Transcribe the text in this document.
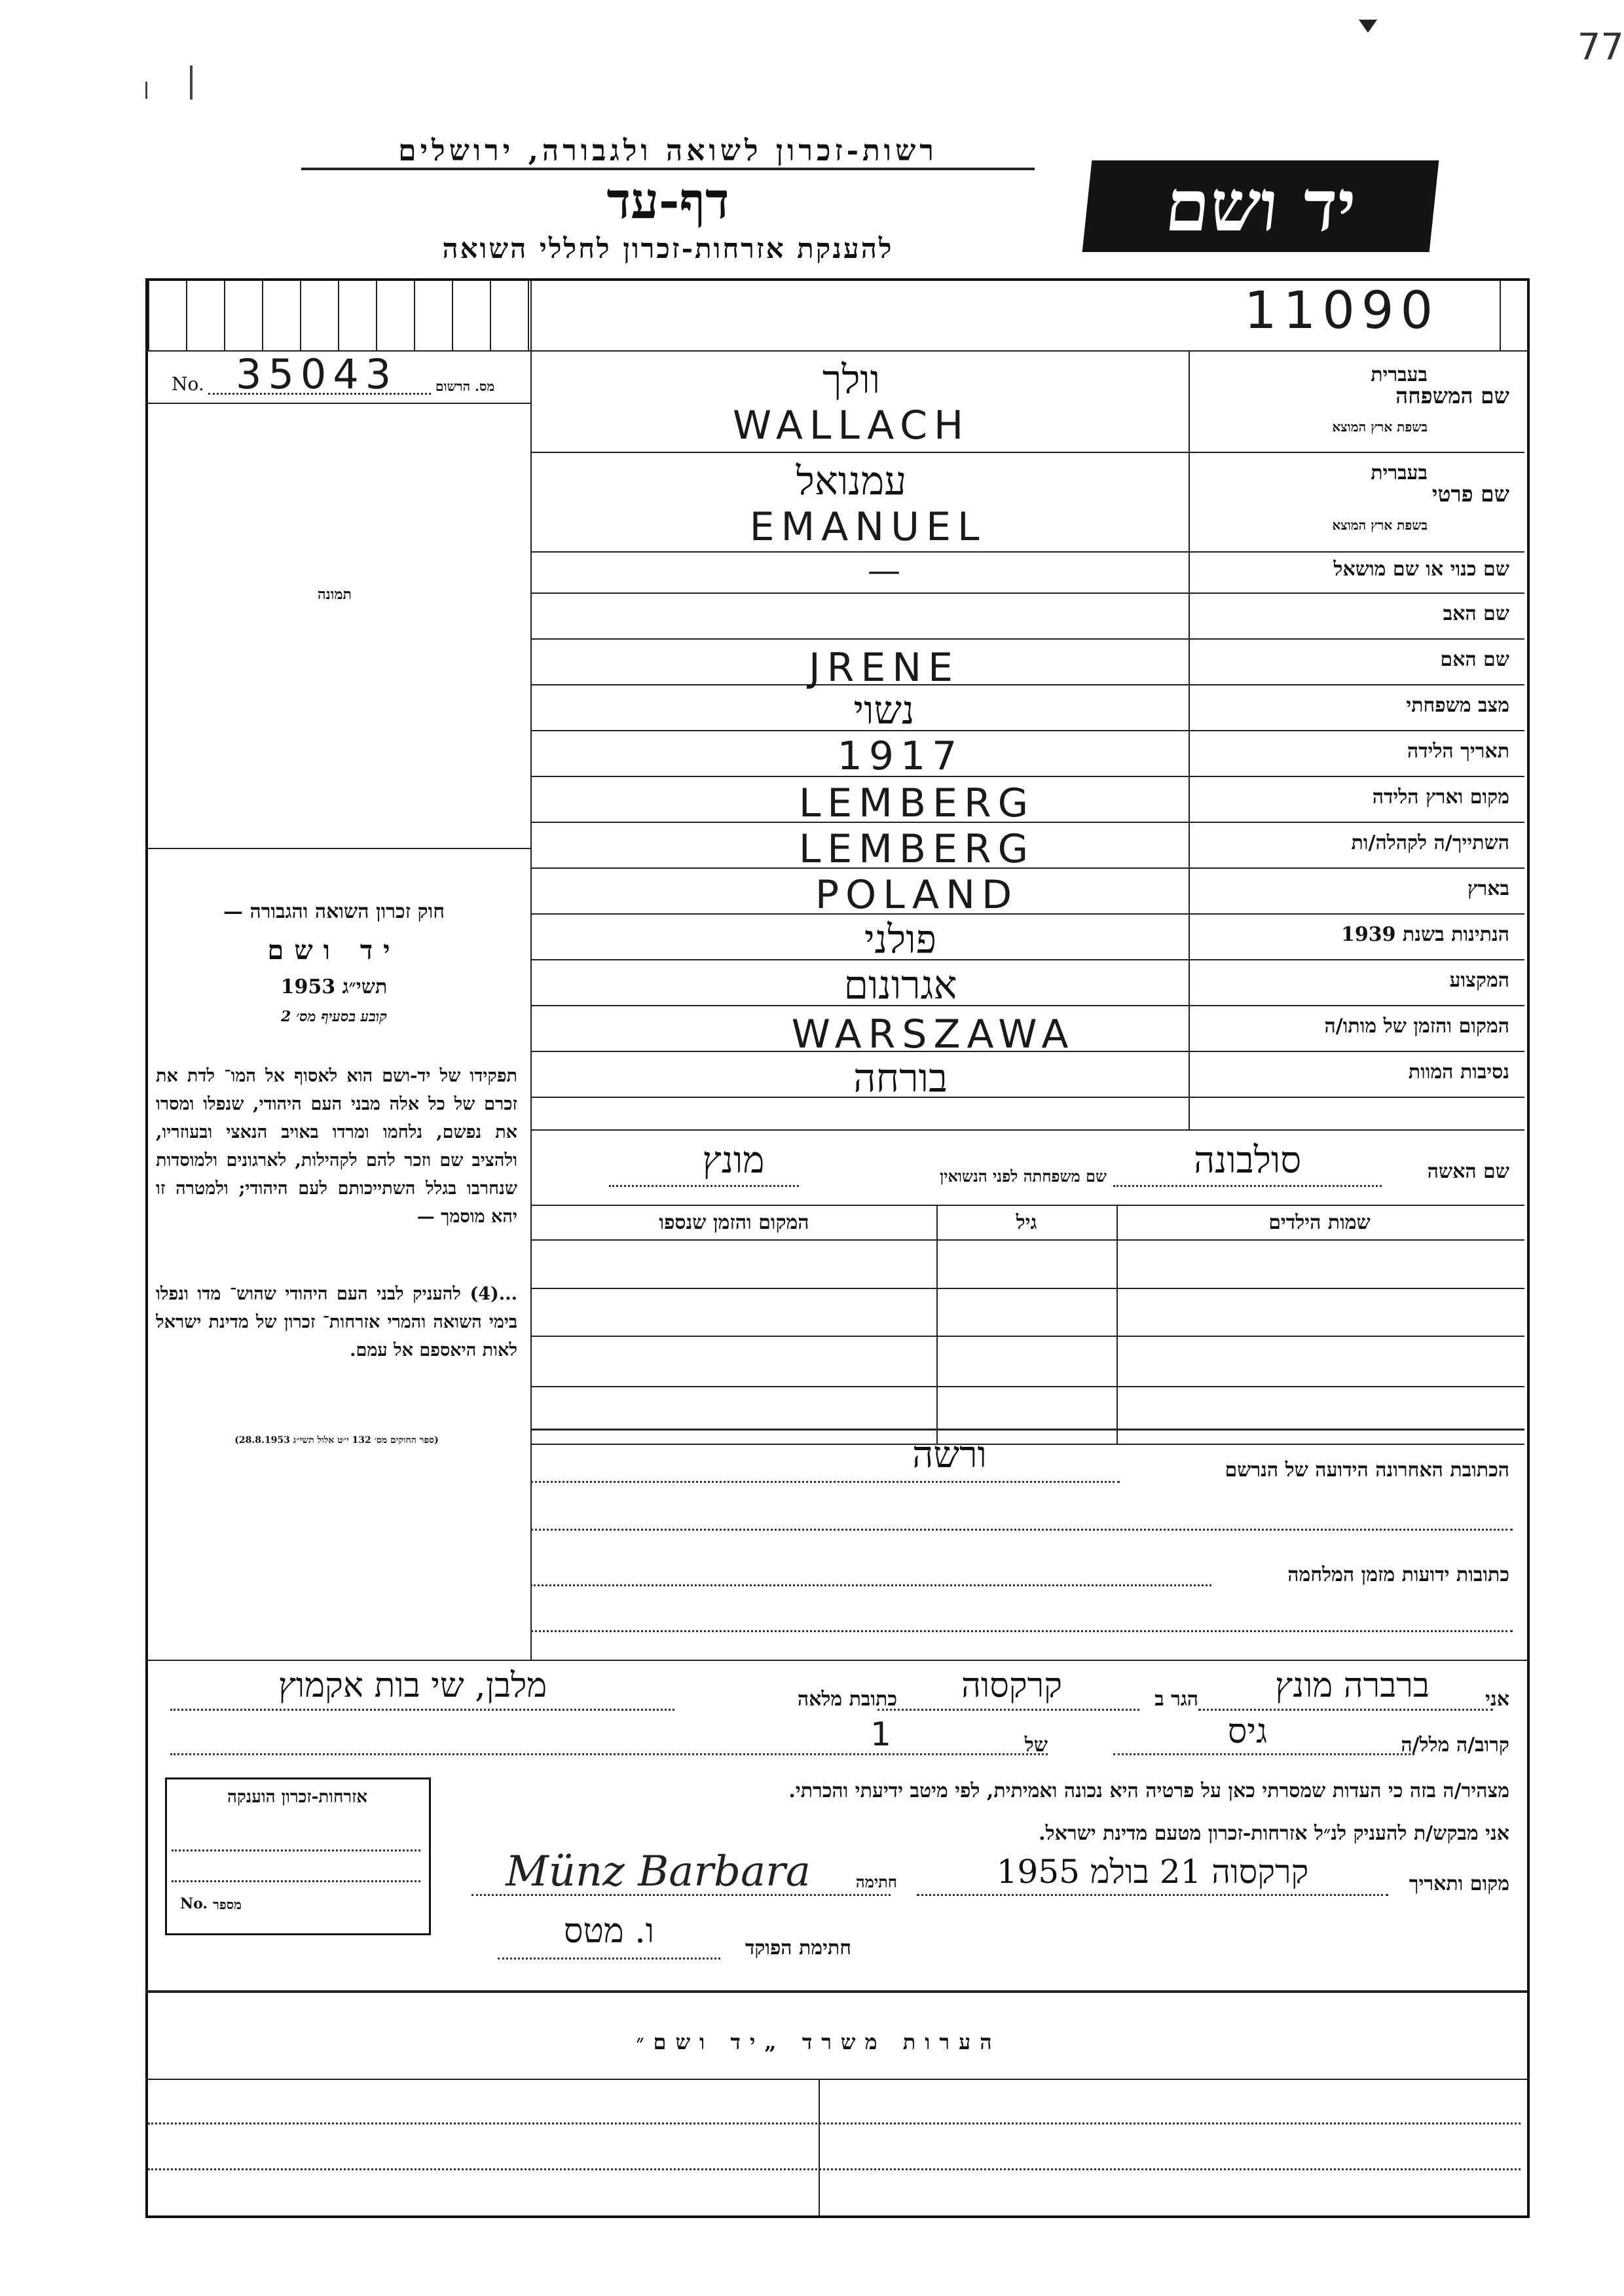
77
רשות-זכרון לשואה ולגבורה, ירושלים
דף-עד
להענקת אזרחות-זכרון לחללי השואה
יד ושם
11090
No. 35043	מס. הרשום
תמונה
חוק זכרון השואה והגבורה —
יד ושם
תשי״ג 1953
קובע בסעיף מס׳ 2
תפקידו של יד-ושם הוא לאסוף אל המו־ לדת את זכרם של כל אלה מבני העם היהודי, שנפלו ומסרו את נפשם, נלחמו ומרדו באויב הנאצי ובעוזריו, ולהציב שם וזכר להם לקהילות, לארגונים ולמוסדות שנחרבו בגלל השתייכותם לעם היהודי; ולמטרה זו יהא מוסמך —
...(4) להעניק לבני העם היהודי שהוש־ מדו ונפלו בימי השואה והמרי אזרחות־ זכרון של מדינת ישראל לאות היאספם אל עמם.
(ספר החוקים מס׳ 132 י״ט אלול תשי״ג 28.8.1953)
שם המשפחה
בעברית
בשפת ארץ המוצא
שם פרטי
בעברית
בשפת ארץ המוצא
שם כנוי או שם מושאל
שם האב
שם האם
מצב משפחתי
תאריך הלידה
מקום וארץ הלידה
השתייך/ה לקהלה/ות
בארץ
הנתינות בשנת 1939
המקצוע
המקום והזמן של מותו/ה
נסיבות המוות
וולך
WALLACH
עמנואל
EMANUEL
—
JRENE
נשוי
1917
LEMBERG
LEMBERG
POLAND
פולני
אגרונום
WARSZAWA
בורחה
שם האשה
סולבונה
שם משפחתה לפני הנשואין
מונץ
שמות הילדים
גיל
המקום והזמן שנספו
הכתובת האחרונה הידועה של הנרשם
ורשה
כתובות ידועות מזמן המלחמה
אני
ברברה מונץ
הגר ב
קרקסוה
כתובת מלאה
מלבן, שי בות אקמוץ
קרוב/ה מלל/ה
גיס
של
1
מצהיר/ה בזה כי העדות שמסרתי כאן על פרטיה היא נכונה ואמיתית, לפי מיטב ידיעתי והכרתי.
אני מבקש/ת להעניק לנ״ל אזרחות-זכרון מטעם מדינת ישראל.
מקום ותאריך
קרקסוה 21 בולמ 1955
חתימה
Münz Barbara
חתימת הפוקד
ו. מטס
אזרחות-זכרון הוענקה
No. מספר
הערות משרד „יד ושם״
